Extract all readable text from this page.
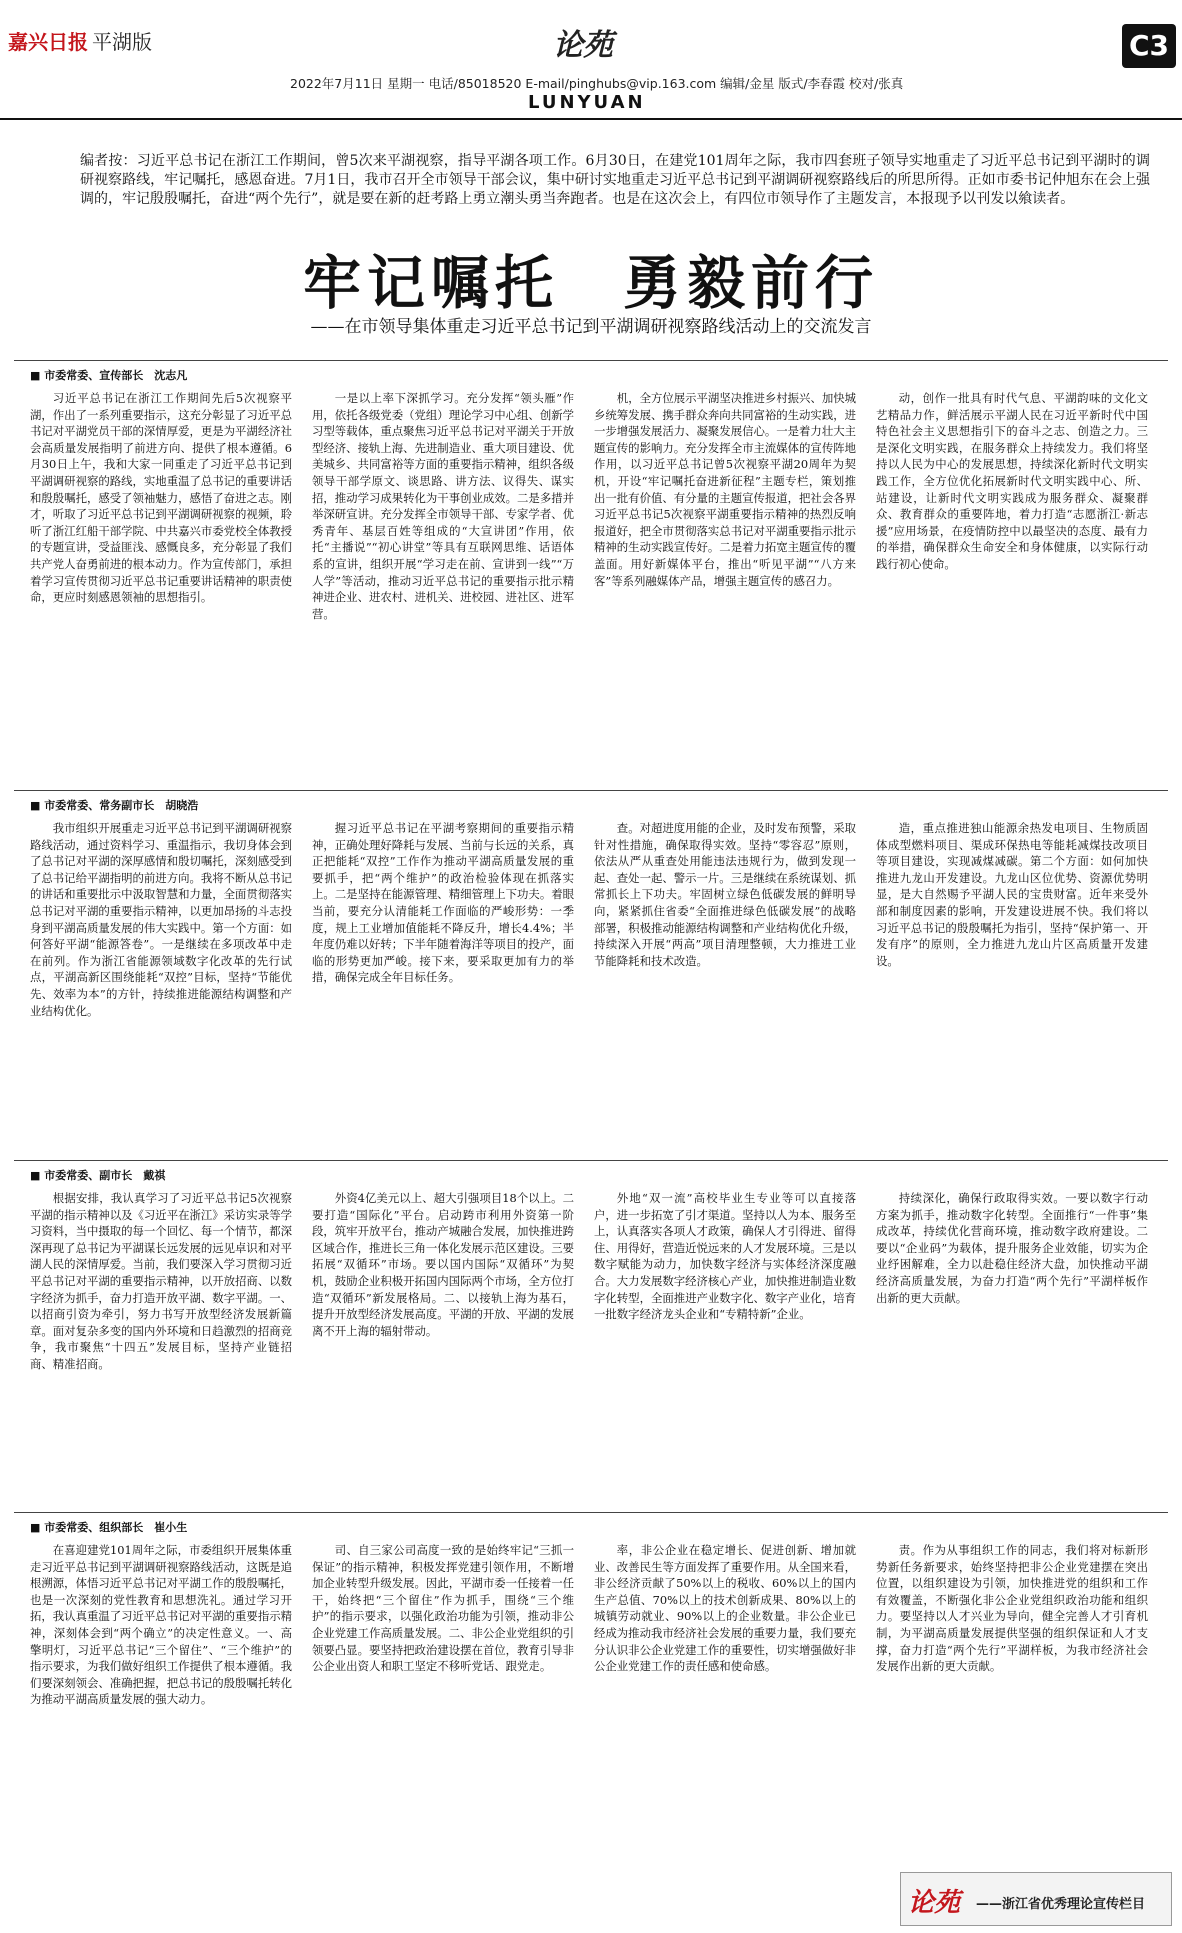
嘉兴日报 平湖版	论苑	C3
2022年7月11日 星期一 电话/85018520 E-mail/pinghubs@vip.163.com 编辑/金星 版式/李春霞 校对/张真
LUNYUAN
编者按：习近平总书记在浙江工作期间，曾5次来平湖视察，指导平湖各项工作。6月30日，在建党101周年之际，我市四套班子领导实地重走了习近平总书记到平湖时的调研视察路线，牢记嘱托，感恩奋进。7月1日，我市召开全市领导干部会议，集中研讨实地重走习近平总书记到平湖调研视察路线后的所思所得。正如市委书记仲旭东在会上强调的，牢记殷殷嘱托，奋进“两个先行”，就是要在新的赶考路上勇立潮头勇当奔跑者。也是在这次会上，有四位市领导作了主题发言，本报现予以刊发以飨读者。
牢记嘱托　勇毅前行
——在市领导集体重走习近平总书记到平湖调研视察路线活动上的交流发言
■ 市委常委、宣传部长　沈志凡
习近平总书记在浙江工作期间先后5次视察平湖，作出了一系列重要指示，这充分彰显了习近平总书记对平湖党员干部的深情厚爱，更是为平湖经济社会高质量发展指明了前进方向、提供了根本遵循。6月30日上午，我和大家一同重走了习近平总书记到平湖调研视察的路线，实地重温了总书记的重要讲话和殷殷嘱托，感受了领袖魅力，感悟了奋进之志。刚才，听取了习近平总书记到平湖调研视察的视频，聆听了浙江红船干部学院、中共嘉兴市委党校全体教授的专题宣讲，受益匪浅、感慨良多，充分彰显了我们共产党人奋勇前进的根本动力。作为宣传部门，承担着学习宣传贯彻习近平总书记重要讲话精神的职责使命，更应时刻感恩领袖的思想指引。
一是以上率下深抓学习。充分发挥“领头雁”作用，依托各级党委（党组）理论学习中心组、创新学习型等载体，重点聚焦习近平总书记对平湖关于开放型经济、接轨上海、先进制造业、重大项目建设、优美城乡、共同富裕等方面的重要指示精神，组织各级领导干部学原文、谈思路、讲方法、议得失、谋实招，推动学习成果转化为干事创业成效。二是多措并举深研宣讲。充分发挥全市领导干部、专家学者、优秀青年、基层百姓等组成的“大宣讲团”作用，依托“主播说”“初心讲堂”等具有互联网思维、话语体系的宣讲，组织开展“学习走在前、宣讲到一线”“万人学”等活动，推动习近平总书记的重要指示批示精神进企业、进农村、进机关、进校园、进社区、进军营。
机，全方位展示平湖坚决推进乡村振兴、加快城乡统筹发展、携手群众奔向共同富裕的生动实践，进一步增强发展活力、凝聚发展信心。一是着力壮大主题宣传的影响力。充分发挥全市主流媒体的宣传阵地作用，以习近平总书记曾5次视察平湖20周年为契机，开设“牢记嘱托奋进新征程”主题专栏，策划推出一批有价值、有分量的主题宣传报道，把社会各界习近平总书记5次视察平湖重要指示精神的热烈反响报道好，把全市贯彻落实总书记对平湖重要指示批示精神的生动实践宣传好。二是着力拓宽主题宣传的覆盖面。用好新媒体平台，推出“听见平湖”“八方来客”等系列融媒体产品，增强主题宣传的感召力。
动，创作一批具有时代气息、平湖韵味的文化文艺精品力作，鲜活展示平湖人民在习近平新时代中国特色社会主义思想指引下的奋斗之志、创造之力。三是深化文明实践，在服务群众上持续发力。我们将坚持以人民为中心的发展思想，持续深化新时代文明实践工作，全方位优化拓展新时代文明实践中心、所、站建设，让新时代文明实践成为服务群众、凝聚群众、教育群众的重要阵地，着力打造“志愿浙江·新志援”应用场景，在疫情防控中以最坚决的态度、最有力的举措，确保群众生命安全和身体健康，以实际行动践行初心使命。
■ 市委常委、常务副市长　胡晓浩
我市组织开展重走习近平总书记到平湖调研视察路线活动，通过资料学习、重温指示，我切身体会到了总书记对平湖的深厚感情和殷切嘱托，深刻感受到了总书记给平湖指明的前进方向。我将不断从总书记的讲话和重要批示中汲取智慧和力量，全面贯彻落实总书记对平湖的重要指示精神，以更加昂扬的斗志投身到平湖高质量发展的伟大实践中。第一个方面：如何答好平湖“能源答卷”。一是继续在多项改革中走在前列。作为浙江省能源领域数字化改革的先行试点，平湖高新区围绕能耗“双控”目标，坚持“节能优先、效率为本”的方针，持续推进能源结构调整和产业结构优化。
握习近平总书记在平湖考察期间的重要指示精神，正确处理好降耗与发展、当前与长远的关系，真正把能耗“双控”工作作为推动平湖高质量发展的重要抓手，把“两个维护”的政治检验体现在抓落实上。二是坚持在能源管理、精细管理上下功夫。着眼当前，要充分认清能耗工作面临的严峻形势：一季度，规上工业增加值能耗不降反升，增长4.4%；半年度仍难以好转；下半年随着海洋等项目的投产，面临的形势更加严峻。接下来，要采取更加有力的举措，确保完成全年目标任务。
查。对超进度用能的企业，及时发布预警，采取针对性措施，确保取得实效。坚持“零容忍”原则，依法从严从重查处用能违法违规行为，做到发现一起、查处一起、警示一片。三是继续在系统谋划、抓常抓长上下功夫。牢固树立绿色低碳发展的鲜明导向，紧紧抓住省委“全面推进绿色低碳发展”的战略部署，积极推动能源结构调整和产业结构优化升级，持续深入开展“两高”项目清理整顿，大力推进工业节能降耗和技术改造。
造，重点推进独山能源余热发电项目、生物质固体成型燃料项目、渠成环保热电等能耗减煤技改项目等项目建设，实现减煤减碳。第二个方面：如何加快推进九龙山开发建设。九龙山区位优势、资源优势明显，是大自然赐予平湖人民的宝贵财富。近年来受外部和制度因素的影响，开发建设进展不快。我们将以习近平总书记的殷殷嘱托为指引，坚持“保护第一、开发有序”的原则，全力推进九龙山片区高质量开发建设。
■ 市委常委、副市长　戴祺
根据安排，我认真学习了习近平总书记5次视察平湖的指示精神以及《习近平在浙江》采访实录等学习资料，当中摄取的每一个回忆、每一个情节，都深深再现了总书记为平湖谋长远发展的远见卓识和对平湖人民的深情厚爱。当前，我们要深入学习贯彻习近平总书记对平湖的重要指示精神，以开放招商、以数字经济为抓手，奋力打造开放平湖、数字平湖。一、以招商引资为牵引，努力书写开放型经济发展新篇章。面对复杂多变的国内外环境和日趋激烈的招商竞争，我市聚焦“十四五”发展目标，坚持产业链招商、精准招商。
外资4亿美元以上、超大引强项目18个以上。二要打造“国际化”平台。启动跨市利用外资第一阶段，筑牢开放平台，推动产城融合发展，加快推进跨区域合作，推进长三角一体化发展示范区建设。三要拓展“双循环”市场。要以国内国际“双循环”为契机，鼓励企业积极开拓国内国际两个市场，全方位打造“双循环”新发展格局。二、以接轨上海为基石，提升开放型经济发展高度。平湖的开放、平湖的发展离不开上海的辐射带动。
外地“双一流”高校毕业生专业等可以直接落户，进一步拓宽了引才渠道。坚持以人为本、服务至上，认真落实各项人才政策，确保人才引得进、留得住、用得好，营造近悦远来的人才发展环境。三是以数字赋能为动力，加快数字经济与实体经济深度融合。大力发展数字经济核心产业，加快推进制造业数字化转型，全面推进产业数字化、数字产业化，培育一批数字经济龙头企业和“专精特新”企业。
持续深化，确保行政取得实效。一要以数字行动方案为抓手，推动数字化转型。全面推行“一件事”集成改革，持续优化营商环境，推动数字政府建设。二要以“企业码”为载体，提升服务企业效能，切实为企业纾困解难，全力以赴稳住经济大盘，加快推动平湖经济高质量发展，为奋力打造“两个先行”平湖样板作出新的更大贡献。
■ 市委常委、组织部长　崔小生
在喜迎建党101周年之际，市委组织开展集体重走习近平总书记到平湖调研视察路线活动，这既是追根溯源，体悟习近平总书记对平湖工作的殷殷嘱托，也是一次深刻的党性教育和思想洗礼。通过学习开拓，我认真重温了习近平总书记对平湖的重要指示精神，深刻体会到“两个确立”的决定性意义。一、高擎明灯，习近平总书记“三个留住”、“三个维护”的指示要求，为我们做好组织工作提供了根本遵循。我们要深刻领会、准确把握，把总书记的殷殷嘱托转化为推动平湖高质量发展的强大动力。
司、自三家公司高度一致的是始终牢记“三抓一保证”的指示精神，积极发挥党建引领作用，不断增加企业转型升级发展。因此，平湖市委一任接着一任干，始终把“三个留住”作为抓手，围绕“三个维护”的指示要求，以强化政治功能为引领，推动非公企业党建工作高质量发展。二、非公企业党组织的引领要凸显。要坚持把政治建设摆在首位，教育引导非公企业出资人和职工坚定不移听党话、跟党走。
率，非公企业在稳定增长、促进创新、增加就业、改善民生等方面发挥了重要作用。从全国来看，非公经济贡献了50%以上的税收、60%以上的国内生产总值、70%以上的技术创新成果、80%以上的城镇劳动就业、90%以上的企业数量。非公企业已经成为推动我市经济社会发展的重要力量，我们要充分认识非公企业党建工作的重要性，切实增强做好非公企业党建工作的责任感和使命感。
责。作为从事组织工作的同志，我们将对标新形势新任务新要求，始终坚持把非公企业党建摆在突出位置，以组织建设为引领，加快推进党的组织和工作有效覆盖，不断强化非公企业党组织政治功能和组织力。要坚持以人才兴业为导向，健全完善人才引育机制，为平湖高质量发展提供坚强的组织保证和人才支撑，奋力打造“两个先行”平湖样板，为我市经济社会发展作出新的更大贡献。
论苑 ——浙江省优秀理论宣传栏目
